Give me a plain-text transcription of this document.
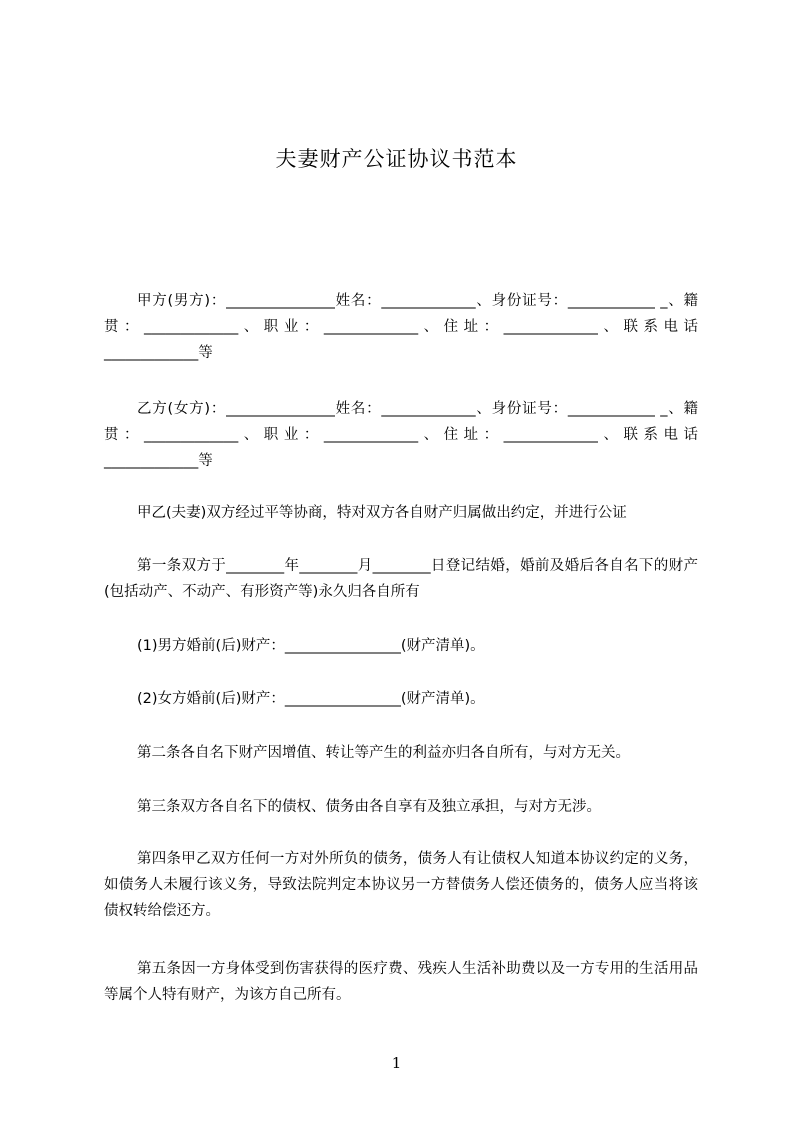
夫妻财产公证协议书范本
甲方(男方)：_______________姓名：_____________、身份证号：____________ _、籍贯：_____________、职业：_____________、住址：_____________、联系电话 _____________等
乙方(女方)：_______________姓名：_____________、身份证号：____________ _、籍贯：_____________、职业：_____________、住址：_____________、联系电话 _____________等
甲乙(夫妻)双方经过平等协商，特对双方各自财产归属做出约定，并进行公证
第一条双方于________年________月________日登记结婚，婚前及婚后各自名下的财产(包括动产、不动产、有形资产等)永久归各自所有
(1)男方婚前(后)财产：________________(财产清单)。
(2)女方婚前(后)财产：________________(财产清单)。
第二条各自名下财产因增值、转让等产生的利益亦归各自所有，与对方无关。
第三条双方各自名下的债权、债务由各自享有及独立承担，与对方无涉。
第四条甲乙双方任何一方对外所负的债务，债务人有让债权人知道本协议约定的义务，如债务人未履行该义务，导致法院判定本协议另一方替债务人偿还债务的，债务人应当将该债权转给偿还方。
第五条因一方身体受到伤害获得的医疗费、残疾人生活补助费以及一方专用的生活用品等属个人特有财产，为该方自己所有。
1
